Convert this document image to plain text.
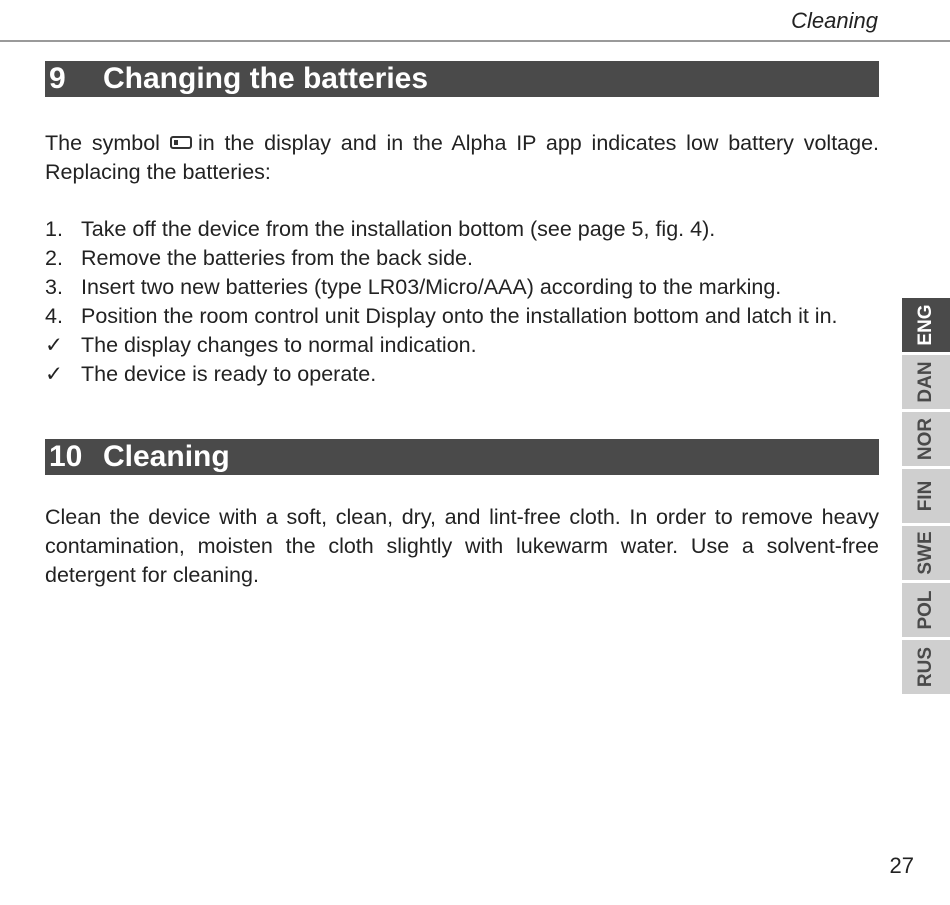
Cleaning
9	Changing the batteries

The symbol in the display and in the Alpha IP app indicates low battery voltage. Replacing the batteries:

1. Take off the device from the installation bottom (see page 5, fig. 4).
2. Remove the batteries from the back side.
3. Insert two new batteries (type LR03/Micro/AAA) according to the marking.
4. Position the room control unit Display onto the installation bottom and latch it in.
✓ The display changes to normal indication.
✓ The device is ready to operate.
10 Cleaning

Clean the device with a soft, clean, dry, and lint-free cloth. In order to remove heavy contamination, moisten the cloth slightly with lukewarm water. Use a solvent-free detergent for cleaning.

ENG
DAN
NOR
FIN
SWE
POL
RUS
27
